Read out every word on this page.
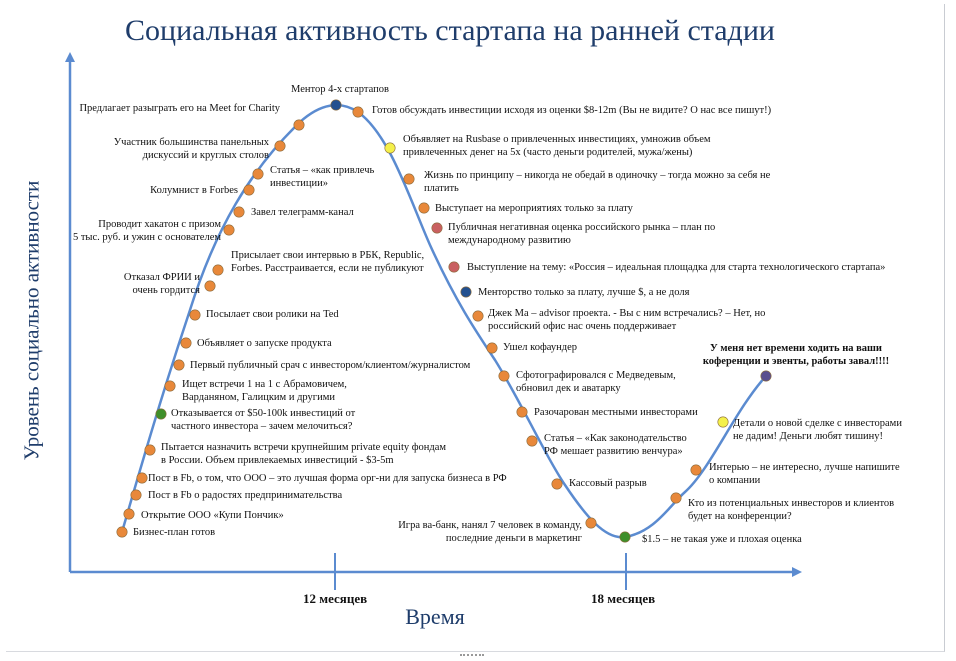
Социальная активность стартапа на ранней стадии
Уровень социально активности
Время
12 месяцев	18 месяцев
Бизнес-план готов
Открытие ООО «Купи Пончик»
Пост в Fb о радостях предпринимательства
Пост в Fb, о том, что ООО – это лучшая форма орг-ни для запуска бизнеса в РФ
Пытается назначить встречи крупнейшим private equity фондам
в России. Объем привлекаемых инвестиций - $3-5m
Отказывается от $50-100k инвестиций от
частного инвестора – зачем мелочиться?
Ищет встречи 1 на 1 с Абрамовичем,
Варданяном, Галицким и другими
Первый публичный срач с инвестором/клиентом/журналистом
Объявляет о запуске продукта
Посылает свои ролики на Ted
Отказал ФРИИ и
очень гордится
Присылает свои интервью в РБК, Republic,
Forbes. Расстраивается, если не публикуют
Проводит хакатон с призом
5 тыс. руб. и ужин с основателем
Завел телеграмм-канал
Колумнист в Forbes
Статья – «как привлечь
инвестиции»
Участник большинства панельных
дискуссий и круглых столов
Предлагает разыграть его на Meet for Charity
Ментор 4-х стартапов
Готов обсуждать инвестиции исходя из оценки $8-12m (Вы не видите? О нас все пишут!)
Объявляет на Rusbase о привлеченных инвестициях, умножив объем
привлеченных денег на 5х (часто деньги родителей, мужа/жены)
Жизнь по принципу – никогда не обедай в одиночку – тогда можно за себя не
платить
Выступает на мероприятиях только за плату
Публичная негативная оценка российского рынка – план по
международному развитию
Выступление на тему: «Россия – идеальная площадка для старта технологического стартапа»
Менторство только за плату, лучше $, а не доля
Джек Ма – advisor проекта. - Вы с ним встречались? – Нет, но
российский офис нас очень поддерживает
Ушел кофаундер
Сфотографировался с Медведевым,
обновил дек и аватарку
Разочарован местными инвесторами
Статья – «Как законодательство
РФ мешает развитию венчура»
Кассовый разрыв
Игра ва-банк, нанял 7 человек в команду,
последние деньги в маркетинг	$1.5 – не такая уже и плохая оценка
Кто из потенциальных инвесторов и клиентов
будет на конференции?
Интерью – не интересно, лучше напишите
о компании
Детали о новой сделке с инвесторами
не дадим! Деньги любят тишину!
У меня нет времени ходить на ваши
коференции и эвенты, работы завал!!!!
